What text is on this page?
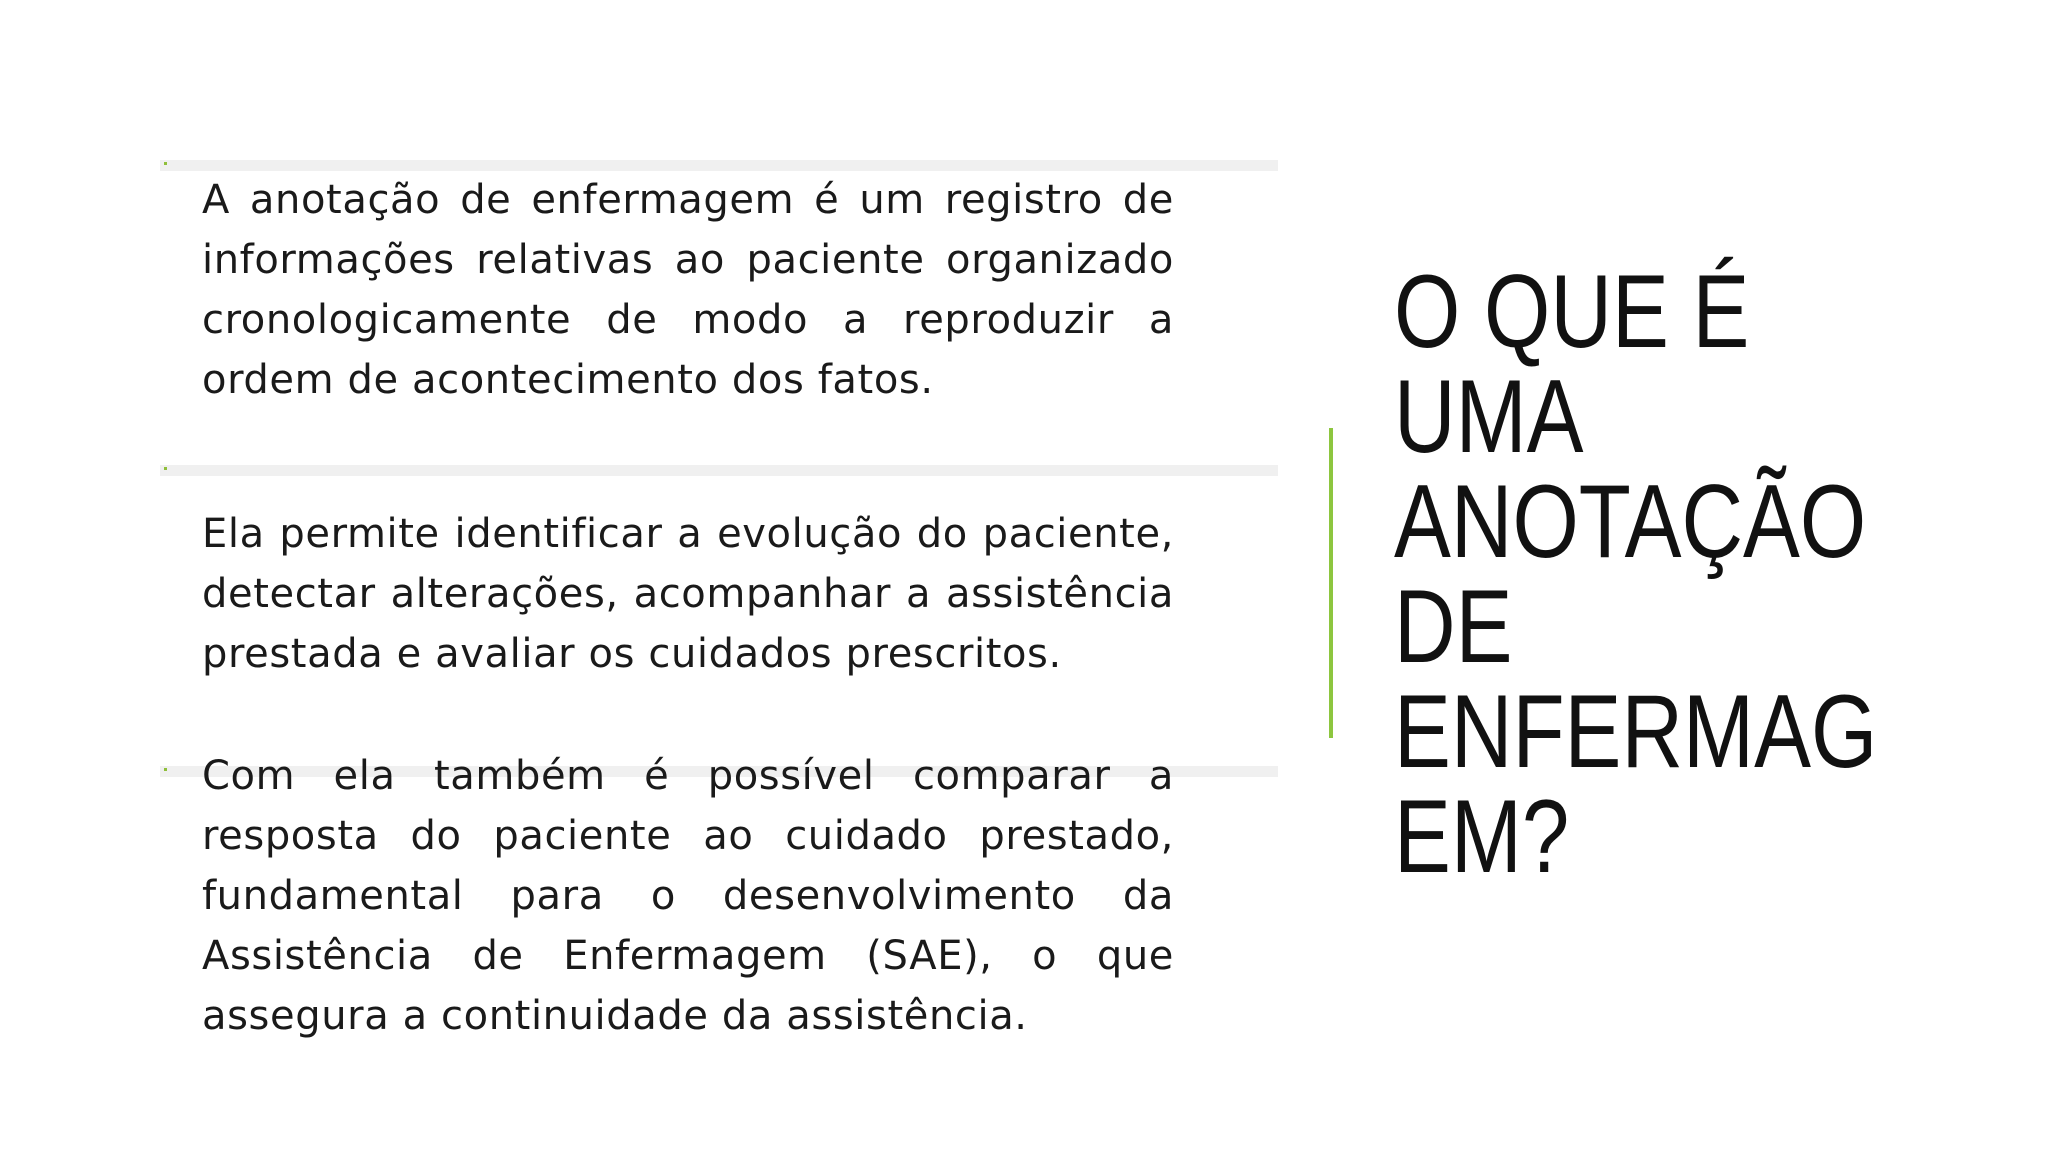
A anotação de enfermagem é um registro de informações relativas ao paciente organizado cronologicamente de modo a reproduzir a ordem de acontecimento dos fatos.

Ela permite identificar a evolução do paciente, detectar alterações, acompanhar a assistência prestada e avaliar os cuidados prescritos.

Com ela também é possível comparar a resposta do paciente ao cuidado prestado, fundamental para o desenvolvimento da Assistência de Enfermagem (SAE), o que assegura a continuidade da assistência.

O QUE É
UMA
ANOTAÇÃO
DE
ENFERMAG
EM?
